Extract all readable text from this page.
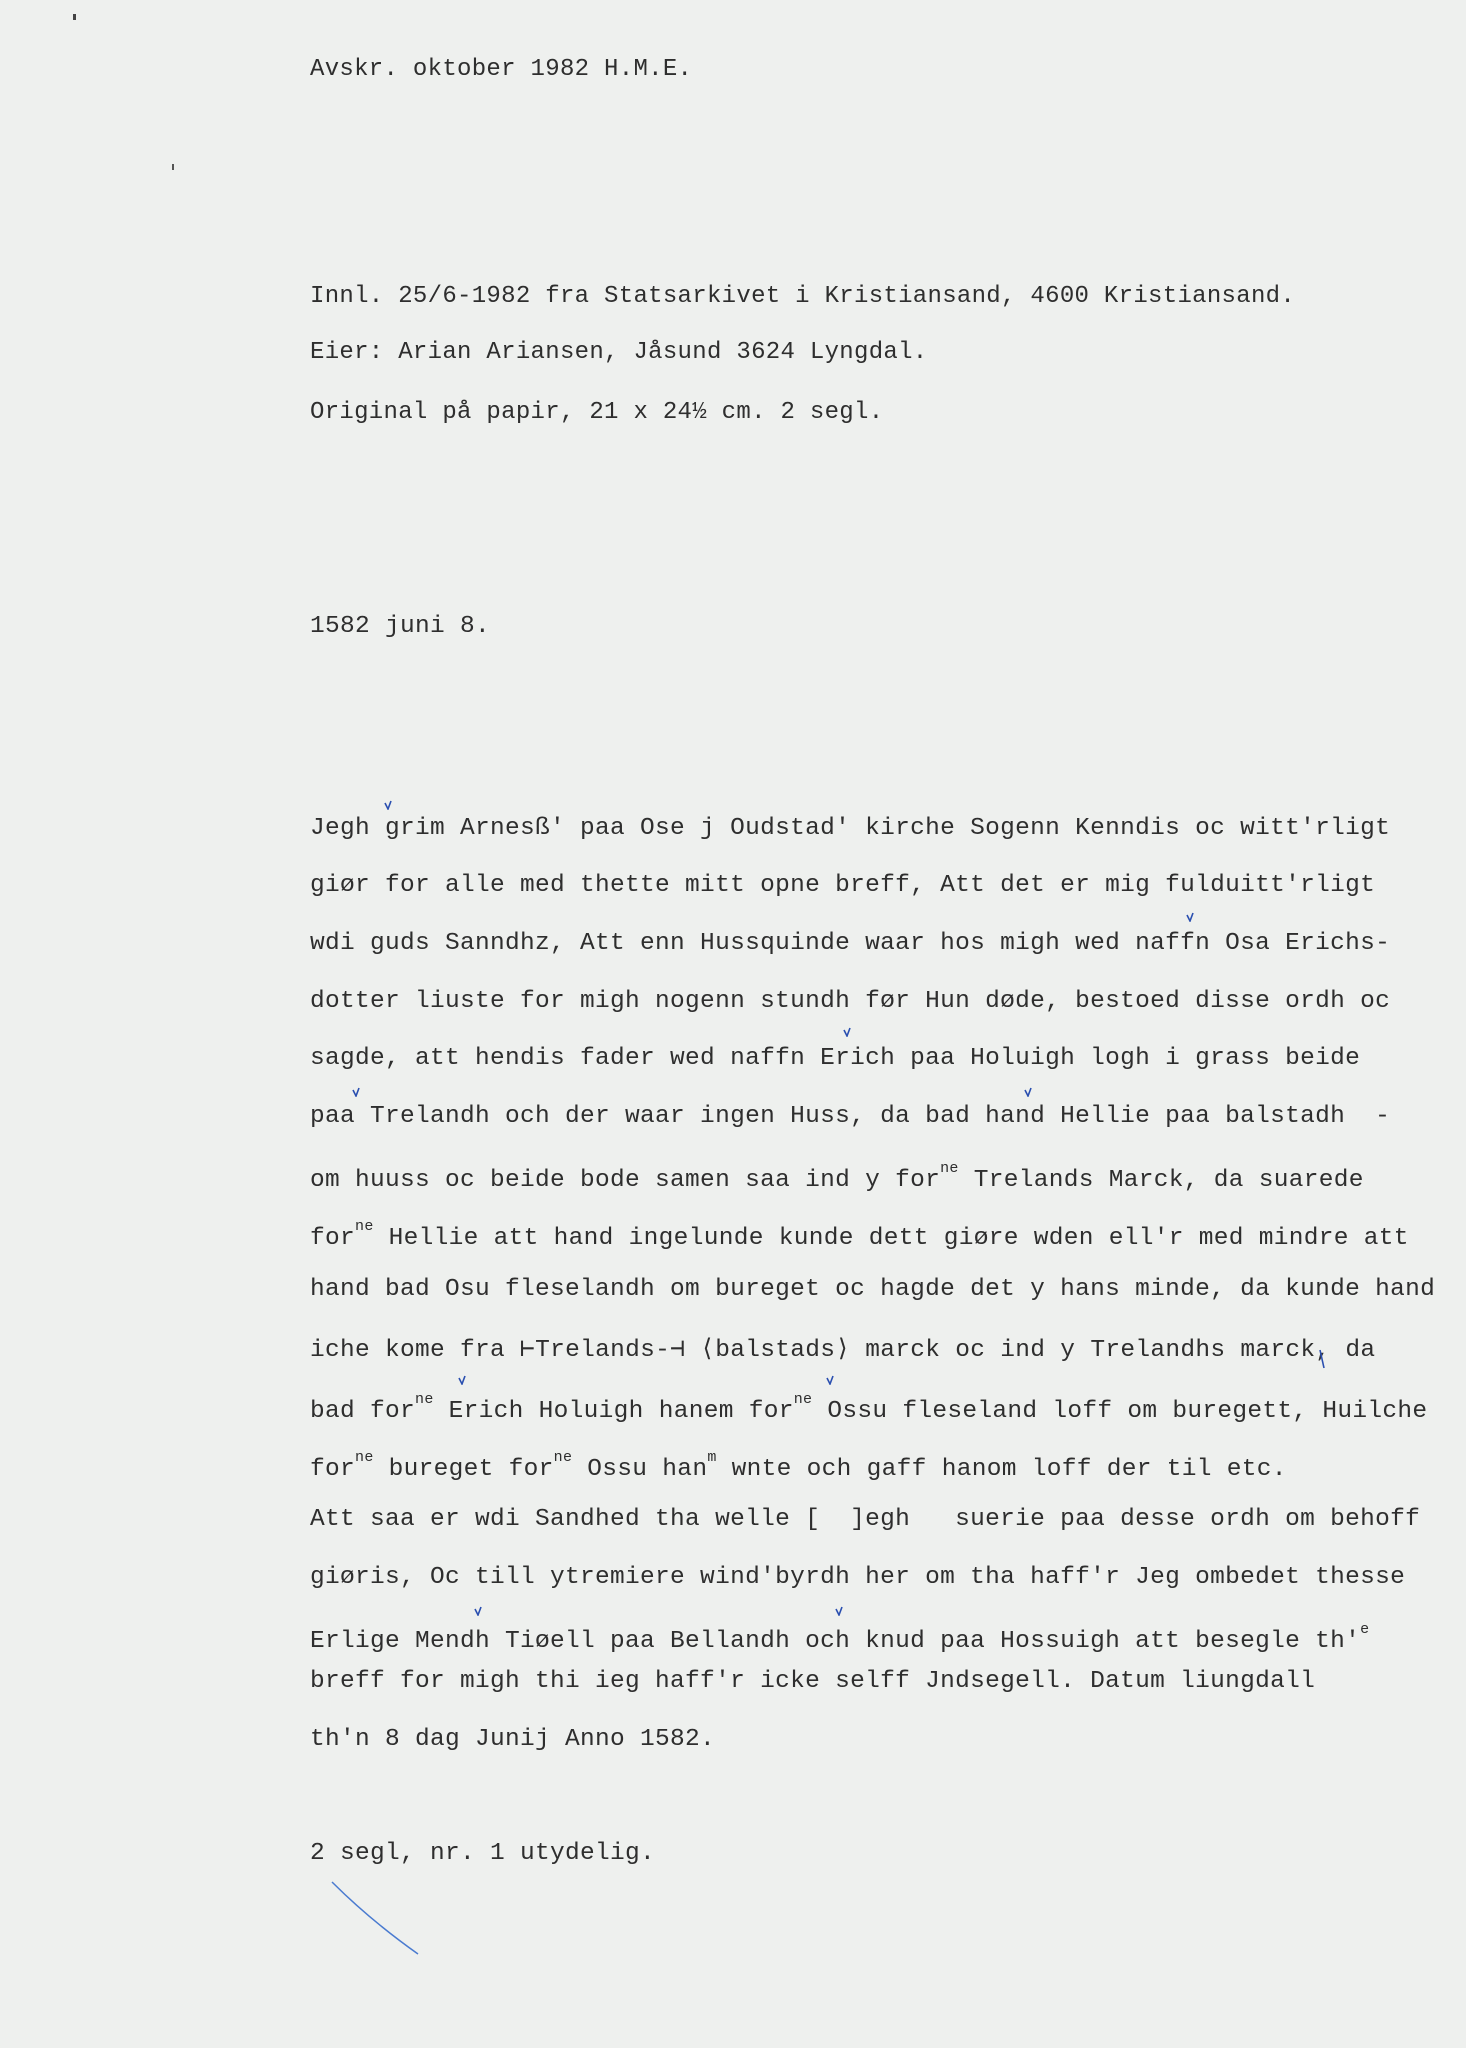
Avskr. oktober 1982 H.M.E.
Innl. 25/6-1982 fra Statsarkivet i Kristiansand, 4600 Kristiansand.
Eier: Arian Ariansen, Jåsund 3624 Lyngdal.
Original på papir, 21 x 24½ cm. 2 segl.
1582 juni 8.
Jegh grim Arnesß' paa Ose j Oudstad' kirche Sogenn Kenndis oc witt'rligt
giør for alle med thette mitt opne breff, Att det er mig fulduitt'rligt
wdi guds Sanndhz, Att enn Hussquinde waar hos migh wed naffn Osa Erichs-
dotter liuste for migh nogenn stundh før Hun døde, bestoed disse ordh oc
sagde, att hendis fader wed naffn Erich paa Holuigh logh i grass beide
paa Trelandh och der waar ingen Huss, da bad hand Hellie paa balstadh  -
om huuss oc beide bode samen saa ind y for$^{ne}$ Trelands Marck, da suarede
for$^{ne}$ Hellie att hand ingelunde kunde dett giøre wden ell'r med mindre att
hand bad Osu fleselandh om bureget oc hagde det y hans minde, da kunde hand
iche kome fra ⊢Trelands-⊣ ⟨balstads⟩ marck oc ind y Trelandhs marck, da
bad for$^{ne}$ Erich Holuigh hanem for$^{ne}$ Ossu fleseland loff om buregett, Huilche
for$^{ne}$ bureget for$^{ne}$ Ossu han$^m$ wnte och gaff hanom loff der til etc.
Att saa er wdi Sandhed tha welle [  ]egh   suerie paa desse ordh om behoff
giøris, Oc till ytremiere wind'byrdh her om tha haff'r Jeg ombedet thesse
Erlige Mendh Tiøell paa Bellandh och knud paa Hossuigh att besegle $th'^e$
breff for migh thi ieg haff'r icke selff Jndsegell. Datum liungdall
th'n 8 dag Junij Anno 1582.
2 segl, nr. 1 utydelig.
